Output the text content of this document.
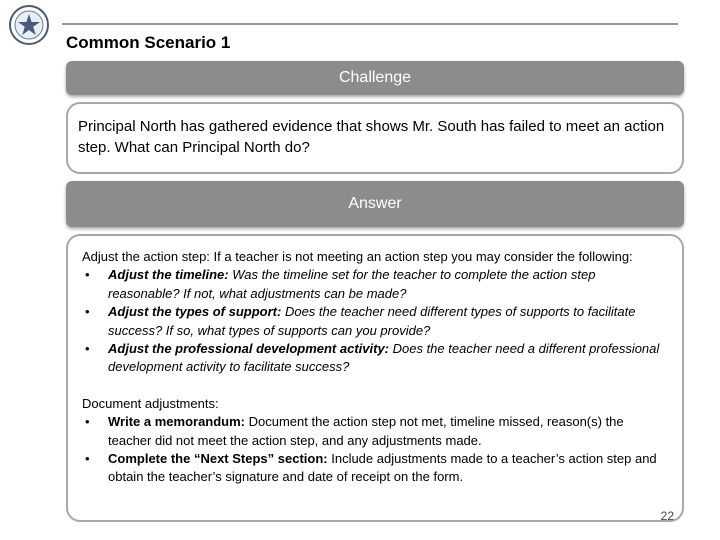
Common Scenario 1
Challenge
Principal North has gathered evidence that shows Mr. South has failed to meet an action step. What can Principal North do?
Answer
Adjust the action step: If a teacher is not meeting an action step you may consider the following:
•	Adjust the timeline: Was the timeline set for the teacher to complete the action step reasonable? If not, what adjustments can be made?
•	Adjust the types of support: Does the teacher need different types of supports to facilitate success? If so, what types of supports can you provide?
•	Adjust the professional development activity: Does the teacher need a different professional development activity to facilitate success?
Document adjustments:
•	Write a memorandum: Document the action step not met, timeline missed, reason(s) the teacher did not meet the action step, and any adjustments made.
•	Complete the “Next Steps” section: Include adjustments made to a teacher’s action step and obtain the teacher’s signature and date of receipt on the form.
22
